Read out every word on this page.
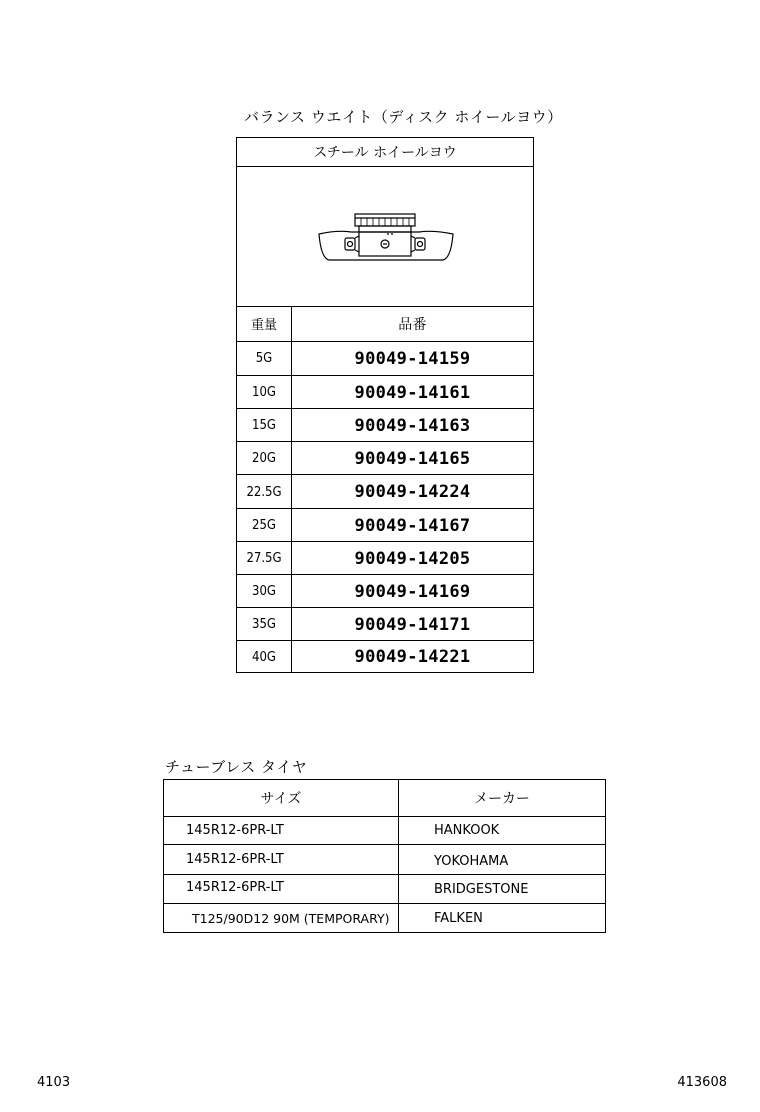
バランス ウエイト（ディスク ホイールヨウ）
スチール ホイールヨウ
重量	品番
5G	90049-14159
10G	90049-14161
15G	90049-14163
20G	90049-14165
22.5G	90049-14224
25G	90049-14167
27.5G	90049-14205
30G	90049-14169
35G	90049-14171
40G	90049-14221
チューブレス タイヤ
サイズ	メーカー
145R12-6PR-LT	HANKOOK
145R12-6PR-LT	YOKOHAMA
145R12-6PR-LT	BRIDGESTONE
T125/90D12 90M (TEMPORARY)	FALKEN
4103	413608
